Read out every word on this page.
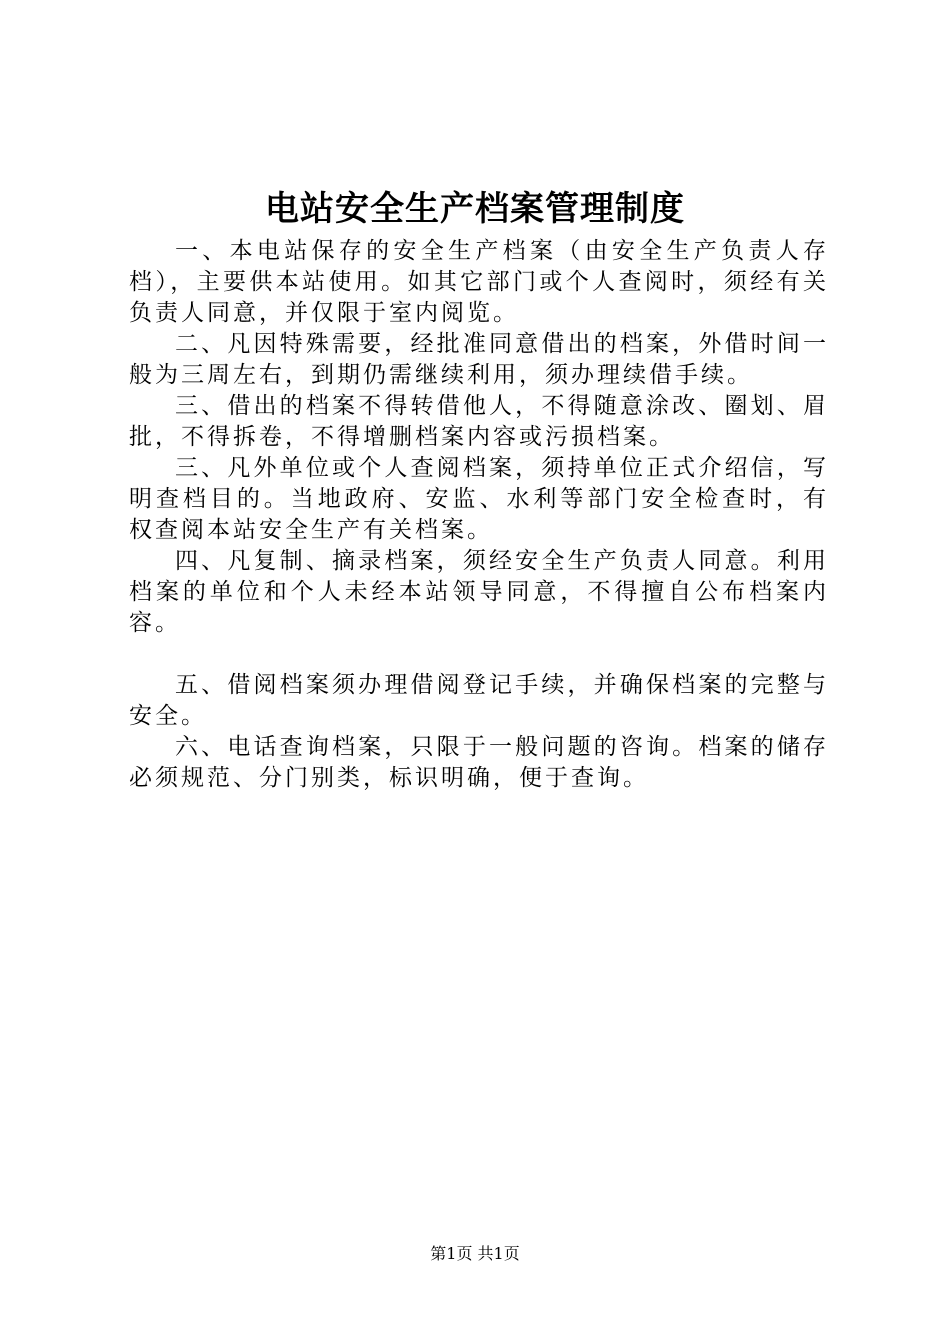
电站安全生产档案管理制度

一、本电站保存的安全生产档案（由安全生产负责人存档），主要供本站使用。如其它部门或个人查阅时，须经有关负责人同意，并仅限于室内阅览。

二、凡因特殊需要，经批准同意借出的档案，外借时间一般为三周左右，到期仍需继续利用，须办理续借手续。

三、借出的档案不得转借他人，不得随意涂改、圈划、眉批，不得拆卷，不得增删档案内容或污损档案。

三、凡外单位或个人查阅档案，须持单位正式介绍信，写明查档目的。当地政府、安监、水利等部门安全检查时，有权查阅本站安全生产有关档案。

四、凡复制、摘录档案，须经安全生产负责人同意。利用档案的单位和个人未经本站领导同意，不得擅自公布档案内容。

五、借阅档案须办理借阅登记手续，并确保档案的完整与安全。

六、电话查询档案，只限于一般问题的咨询。档案的储存必须规范、分门别类，标识明确，便于查询。

第1页 共1页
